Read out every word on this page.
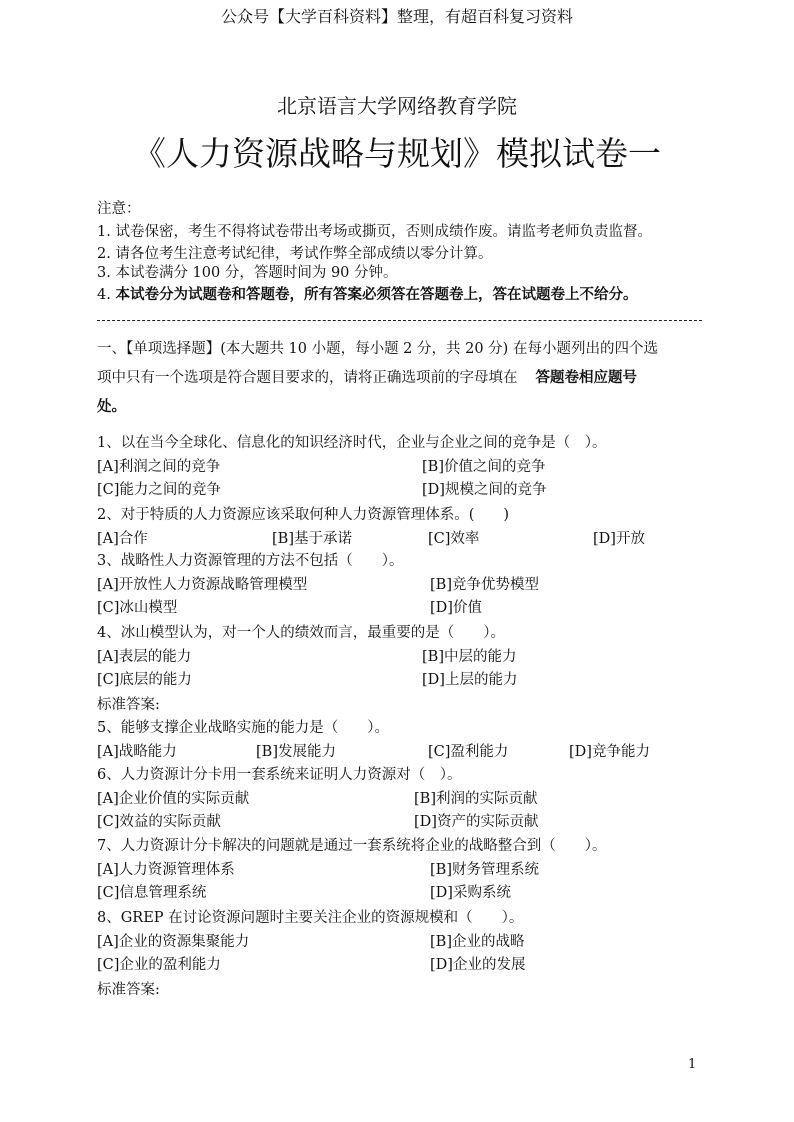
公众号【大学百科资料】整理，有超百科复习资料
北京语言大学网络教育学院
《人力资源战略与规划》模拟试卷一
注意：
1. 试卷保密，考生不得将试卷带出考场或撕页，否则成绩作废。请监考老师负责监督。
2. 请各位考生注意考试纪律，考试作弊全部成绩以零分计算。
3. 本试卷满分 100 分，答题时间为 90 分钟。
4. 本试卷分为试题卷和答题卷，所有答案必须答在答题卷上，答在试题卷上不给分。
一、【单项选择题】(本大题共 10 小题，每小题 2 分，共 20 分) 在每小题列出的四个选
项中只有一个选项是符合题目要求的，请将正确选项前的字母填在 答题卷相应题号
处。
1、以在当今全球化、信息化的知识经济时代，企业与企业之间的竞争是（　）。
[A]利润之间的竞争	[B]价值之间的竞争
[C]能力之间的竞争	[D]规模之间的竞争
2、对于特质的人力资源应该采取何种人力资源管理体系。(　　)
[A]合作	[B]基于承诺	[C]效率	[D]开放
3、战略性人力资源管理的方法不包括（　　）。
[A]开放性人力资源战略管理模型	[B]竞争优势模型
[C]冰山模型	[D]价值
4、冰山模型认为，对一个人的绩效而言，最重要的是（　　）。
[A]表层的能力	[B]中层的能力
[C]底层的能力	[D]上层的能力
标准答案:
5、能够支撑企业战略实施的能力是（　　）。
[A]战略能力	[B]发展能力	[C]盈利能力	[D]竞争能力
6、人力资源计分卡用一套系统来证明人力资源对（　）。
[A]企业价值的实际贡献	[B]利润的实际贡献
[C]效益的实际贡献	[D]资产的实际贡献
7、人力资源计分卡解决的问题就是通过一套系统将企业的战略整合到（　　）。
[A]人力资源管理体系	[B]财务管理系统
[C]信息管理系统	[D]采购系统
8、GREP 在讨论资源问题时主要关注企业的资源规模和（　　）。
[A]企业的资源集聚能力	[B]企业的战略
[C]企业的盈利能力	[D]企业的发展
标准答案:
1
